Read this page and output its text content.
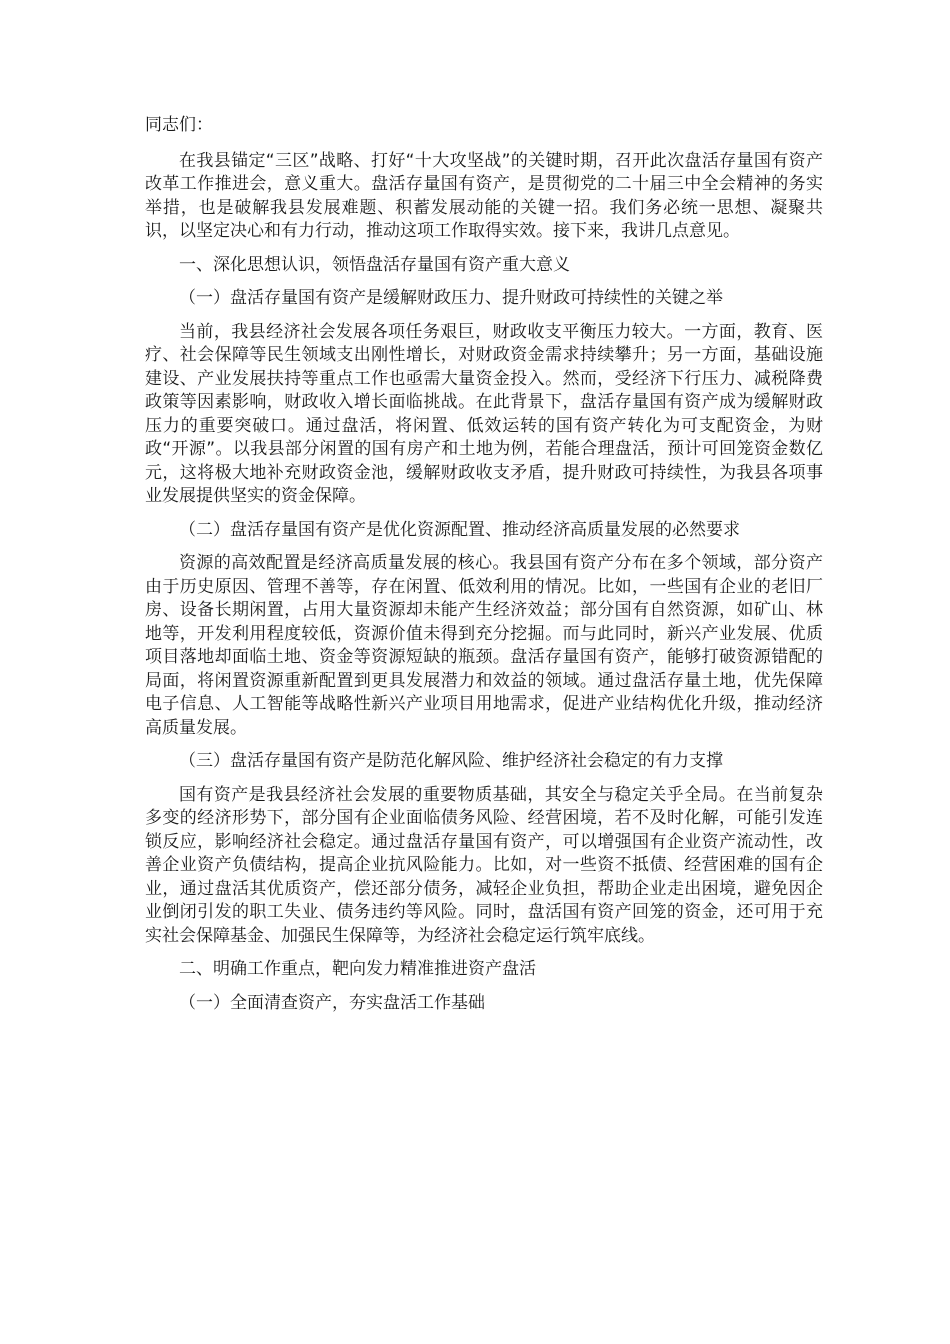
同志们：

在我县锚定“三区”战略、打好“十大攻坚战”的关键时期，召开此次盘活存量国有资产改革工作推进会，意义重大。盘活存量国有资产，是贯彻党的二十届三中全会精神的务实举措，也是破解我县发展难题、积蓄发展动能的关键一招。我们务必统一思想、凝聚共识，以坚定决心和有力行动，推动这项工作取得实效。接下来，我讲几点意见。

一、深化思想认识，领悟盘活存量国有资产重大意义

（一）盘活存量国有资产是缓解财政压力、提升财政可持续性的关键之举

当前，我县经济社会发展各项任务艰巨，财政收支平衡压力较大。一方面，教育、医疗、社会保障等民生领域支出刚性增长，对财政资金需求持续攀升；另一方面，基础设施建设、产业发展扶持等重点工作也亟需大量资金投入。然而，受经济下行压力、减税降费政策等因素影响，财政收入增长面临挑战。在此背景下，盘活存量国有资产成为缓解财政压力的重要突破口。通过盘活，将闲置、低效运转的国有资产转化为可支配资金，为财政“开源”。以我县部分闲置的国有房产和土地为例，若能合理盘活，预计可回笼资金数亿元，这将极大地补充财政资金池，缓解财政收支矛盾，提升财政可持续性，为我县各项事业发展提供坚实的资金保障。

（二）盘活存量国有资产是优化资源配置、推动经济高质量发展的必然要求

资源的高效配置是经济高质量发展的核心。我县国有资产分布在多个领域，部分资产由于历史原因、管理不善等，存在闲置、低效利用的情况。比如，一些国有企业的老旧厂房、设备长期闲置，占用大量资源却未能产生经济效益；部分国有自然资源，如矿山、林地等，开发利用程度较低，资源价值未得到充分挖掘。而与此同时，新兴产业发展、优质项目落地却面临土地、资金等资源短缺的瓶颈。盘活存量国有资产，能够打破资源错配的局面，将闲置资源重新配置到更具发展潜力和效益的领域。通过盘活存量土地，优先保障电子信息、人工智能等战略性新兴产业项目用地需求，促进产业结构优化升级，推动经济高质量发展。

（三）盘活存量国有资产是防范化解风险、维护经济社会稳定的有力支撑

国有资产是我县经济社会发展的重要物质基础，其安全与稳定关乎全局。在当前复杂多变的经济形势下，部分国有企业面临债务风险、经营困境，若不及时化解，可能引发连锁反应，影响经济社会稳定。通过盘活存量国有资产，可以增强国有企业资产流动性，改善企业资产负债结构，提高企业抗风险能力。比如，对一些资不抵债、经营困难的国有企业，通过盘活其优质资产，偿还部分债务，减轻企业负担，帮助企业走出困境，避免因企业倒闭引发的职工失业、债务违约等风险。同时，盘活国有资产回笼的资金，还可用于充实社会保障基金、加强民生保障等，为经济社会稳定运行筑牢底线。

二、明确工作重点，靶向发力精准推进资产盘活

（一）全面清查资产，夯实盘活工作基础
